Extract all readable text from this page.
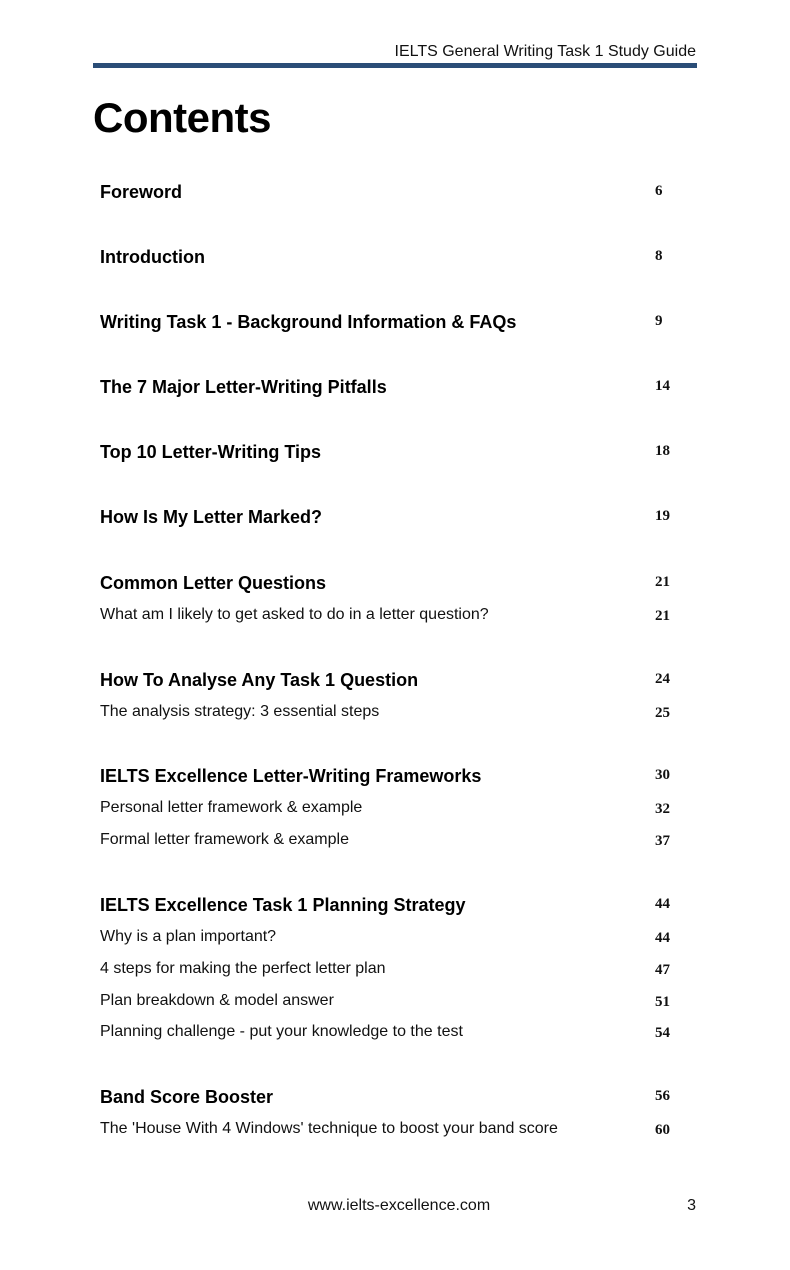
IELTS General Writing Task 1 Study Guide
Contents
Foreword	6
Introduction	8
Writing Task 1 - Background Information & FAQs	9
The 7 Major Letter-Writing Pitfalls	14
Top 10 Letter-Writing Tips	18
How Is My Letter Marked?	19
Common Letter Questions	21
What am I likely to get asked to do in a letter question?	21
How To Analyse Any Task 1 Question	24
The analysis strategy: 3 essential steps	25
IELTS Excellence Letter-Writing Frameworks	30
Personal letter framework & example	32
Formal letter framework & example	37
IELTS Excellence Task 1 Planning Strategy	44
Why is a plan important?	44
4 steps for making the perfect letter plan	47
Plan breakdown & model answer	51
Planning challenge - put your knowledge to the test	54
Band Score Booster	56
The 'House With 4 Windows' technique to boost your band score	60
www.ielts-excellence.com	3
